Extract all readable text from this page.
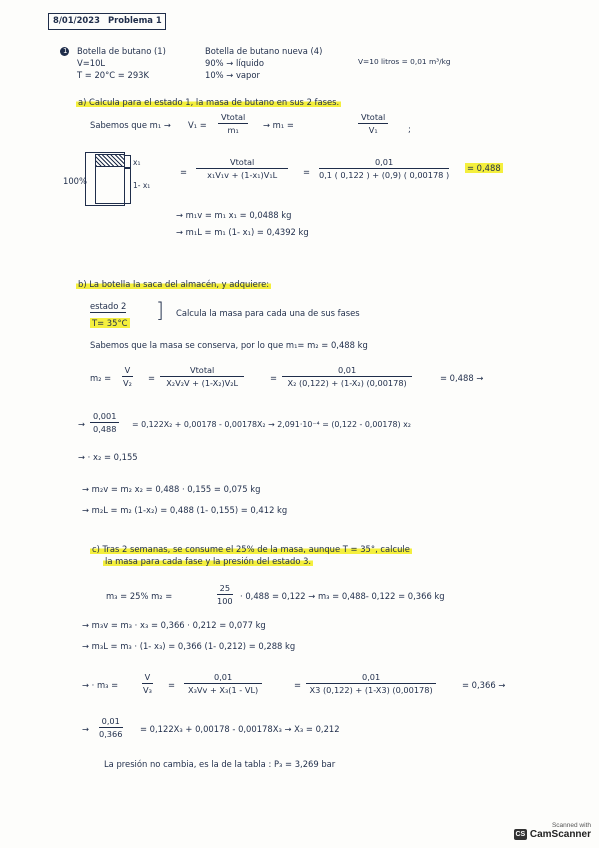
8/01/2023 Problema 1
1 Botella de butano (1)
V=10L
T = 20°C = 293K
Botella de butano nueva (4)
90% → líquido
10% → vapor
V=10 litros = 0,01 m³/kg
a) Calcula para el estado 1, la masa de butano en sus 2 fases.
Sabemos que m₁ → V₁ =
Vtotal
m₁	→ m₁ =
Vtotal
V₁	;
100%
x₁
1- x₁
=
Vtotal
x₁V₁v + (1-x₁)V₁L	= $\frac{0,01}{0,1 ( 0,122 ) + (0,9) ( 0,00178 )} = 0,488$
→ m₁v = m₁ x₁ = 0,0488 kg
→ m₁L = m₁ (1- x₁) = 0,4392 kg
b) La botella la saca del almacén, y adquiere:
estado 2
T= 35°C
] Calcula la masa para cada una de sus fases
Sabemos que la masa se conserva, por lo que m₁= m₂ = 0,488 kg
$m_2 = \frac{V}{\text{V₂}}$ =
Vtotal
X₂V₂V + (1-X₂)V₂L	= $\frac{0,01}{\text{X₂ (0,122) + (1-X₂) (0,00178)}}$	= 0,488 →
→ $\frac{0,001}{0,488} = 0,122X_2 + 0,00178 - 0,00178X_2 \to 2,091\cdot 10^{-4} = (0,122 - 0,00178)$ x₂
→ · x₂ = 0,155
→ m₂v = m₂ x₂ = 0,488 · 0,155 = 0,075 kg
→ m₂L = m₂ (1-x₂) = 0,488 (1- 0,155) = 0,412 kg
c) Tras 2 semanas, se consume el 25% de la masa, aunque T = 35°, calcule
la masa para cada fase y la presión del estado 3.
m₃ = 25% m₂ =	$\frac{25}{100} \cdot 0,488 = 0,122 \to m_3 = 0,488-$ 0,122 = 0,366 kg
→ m₃v = m₃ · x₃ = 0,366 · 0,212 = 0,077 kg
→ m₃L = m₃ · (1- x₃) = 0,366 (1- 0,212) = 0,288 kg
→ · m₃ =	$\frac{V}{\text{V₃}} = \frac{0,01}{\text{X₃Vv + X₃(1 - VL)}}$	= $\frac{0,01}{X3 (0,122) + (1-X3) (0,00178)}$	= 0,366 →
→ $\frac{0,01}{0,366} = 0,122X_3 + 0,00178 - 0,00178X_3 \to X_3 = 0,212$
La presión no cambia, es la de la tabla : P₃ = 3,269 bar
Scanned with
CS CamScanner
